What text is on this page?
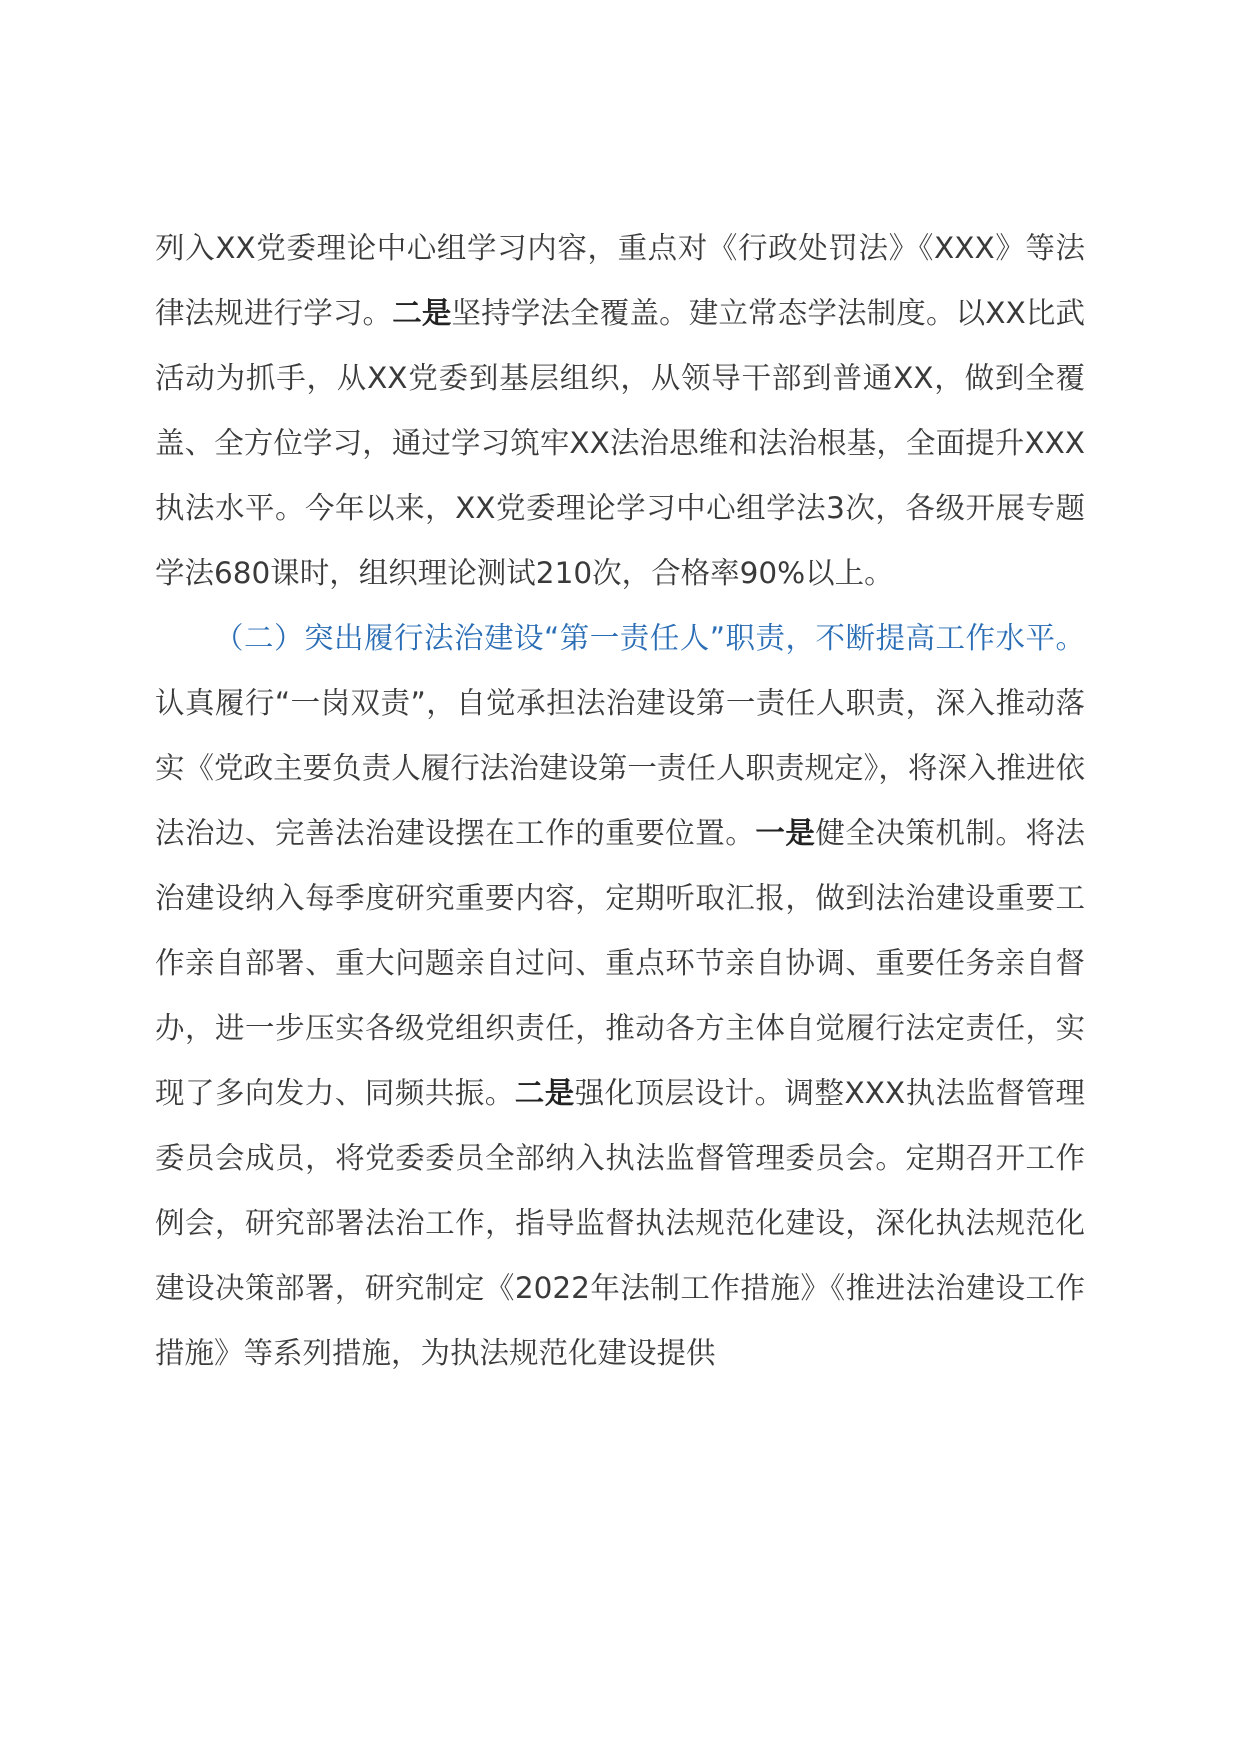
列入XX党委理论中心组学习内容，重点对《行政处罚法》《XXX》等法律法规进行学习。二是坚持学法全覆盖。建立常态学法制度。以XX比武活动为抓手，从XX党委到基层组织，从领导干部到普通XX，做到全覆盖、全方位学习，通过学习筑牢XX法治思维和法治根基，全面提升XXX执法水平。今年以来，XX党委理论学习中心组学法3次，各级开展专题学法680课时，组织理论测试210次，合格率90%以上。

（二）突出履行法治建设“第一责任人”职责，不断提高工作水平。认真履行“一岗双责”，自觉承担法治建设第一责任人职责，深入推动落实《党政主要负责人履行法治建设第一责任人职责规定》，将深入推进依法治边、完善法治建设摆在工作的重要位置。一是健全决策机制。将法治建设纳入每季度研究重要内容，定期听取汇报，做到法治建设重要工作亲自部署、重大问题亲自过问、重点环节亲自协调、重要任务亲自督办，进一步压实各级党组织责任，推动各方主体自觉履行法定责任，实现了多向发力、同频共振。二是强化顶层设计。调整XXX执法监督管理委员会成员，将党委委员全部纳入执法监督管理委员会。定期召开工作例会，研究部署法治工作，指导监督执法规范化建设，深化执法规范化建设决策部署，研究制定《2022年法制工作措施》《推进法治建设工作措施》等系列措施，为执法规范化建设提供
